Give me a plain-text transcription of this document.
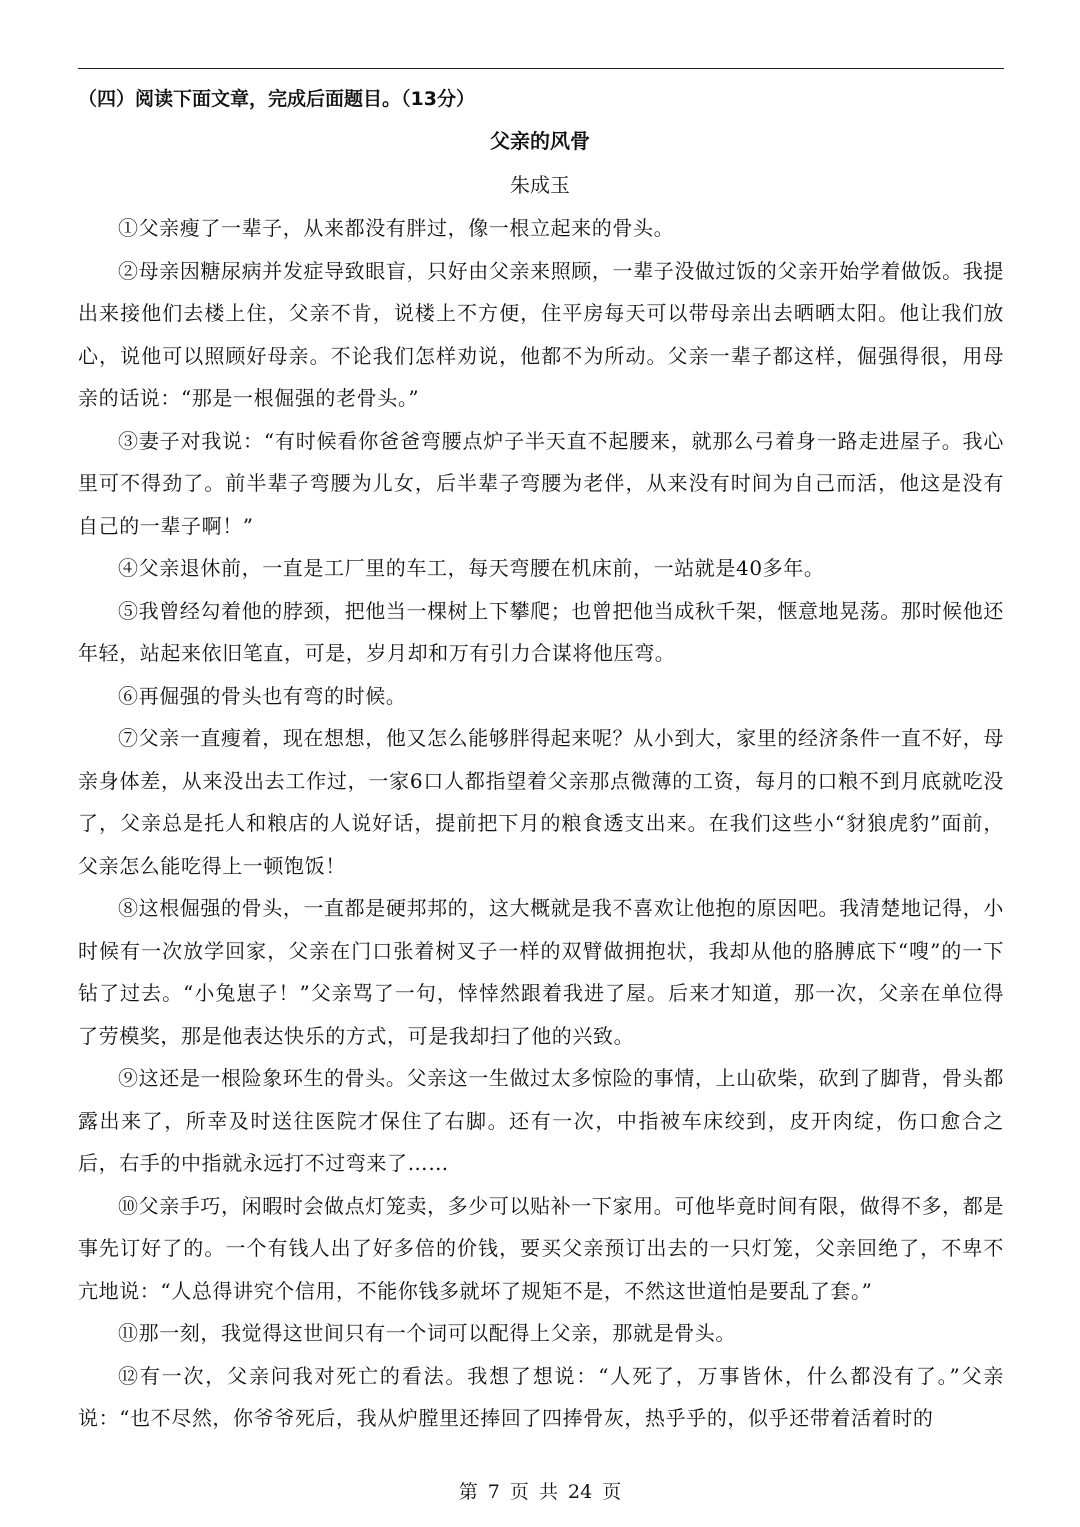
（四）阅读下面文章，完成后面题目。（13分）
父亲的风骨
朱成玉

①父亲瘦了一辈子，从来都没有胖过，像一根立起来的骨头。

②母亲因糖尿病并发症导致眼盲，只好由父亲来照顾，一辈子没做过饭的父亲开始学着做饭。我提出来接他们去楼上住，父亲不肯，说楼上不方便，住平房每天可以带母亲出去晒晒太阳。他让我们放心，说他可以照顾好母亲。不论我们怎样劝说，他都不为所动。父亲一辈子都这样，倔强得很，用母亲的话说：“那是一根倔强的老骨头。”

③妻子对我说：“有时候看你爸爸弯腰点炉子半天直不起腰来，就那么弓着身一路走进屋子。我心里可不得劲了。前半辈子弯腰为儿女，后半辈子弯腰为老伴，从来没有时间为自己而活，他这是没有自己的一辈子啊！”

④父亲退休前，一直是工厂里的车工，每天弯腰在机床前，一站就是40多年。

⑤我曾经勾着他的脖颈，把他当一棵树上下攀爬；也曾把他当成秋千架，惬意地晃荡。那时候他还年轻，站起来依旧笔直，可是，岁月却和万有引力合谋将他压弯。

⑥再倔强的骨头也有弯的时候。

⑦父亲一直瘦着，现在想想，他又怎么能够胖得起来呢？从小到大，家里的经济条件一直不好，母亲身体差，从来没出去工作过，一家6口人都指望着父亲那点微薄的工资，每月的口粮不到月底就吃没了，父亲总是托人和粮店的人说好话，提前把下月的粮食透支出来。在我们这些小“豺狼虎豹”面前，父亲怎么能吃得上一顿饱饭！

⑧这根倔强的骨头，一直都是硬邦邦的，这大概就是我不喜欢让他抱的原因吧。我清楚地记得，小时候有一次放学回家，父亲在门口张着树叉子一样的双臂做拥抱状，我却从他的胳膊底下“嗖”的一下钻了过去。“小兔崽子！”父亲骂了一句，悻悻然跟着我进了屋。后来才知道，那一次，父亲在单位得了劳模奖，那是他表达快乐的方式，可是我却扫了他的兴致。

⑨这还是一根险象环生的骨头。父亲这一生做过太多惊险的事情，上山砍柴，砍到了脚背，骨头都露出来了，所幸及时送往医院才保住了右脚。还有一次，中指被车床绞到，皮开肉绽，伤口愈合之后，右手的中指就永远打不过弯来了……

⑩父亲手巧，闲暇时会做点灯笼卖，多少可以贴补一下家用。可他毕竟时间有限，做得不多，都是事先订好了的。一个有钱人出了好多倍的价钱，要买父亲预订出去的一只灯笼，父亲回绝了，不卑不亢地说：“人总得讲究个信用，不能你钱多就坏了规矩不是，不然这世道怕是要乱了套。”

⑪那一刻，我觉得这世间只有一个词可以配得上父亲，那就是骨头。

⑫有一次，父亲问我对死亡的看法。我想了想说：“人死了，万事皆休，什么都没有了。”父亲说：“也不尽然，你爷爷死后，我从炉膛里还捧回了四捧骨灰，热乎乎的，似乎还带着活着时的

第 7 页 共 24 页
